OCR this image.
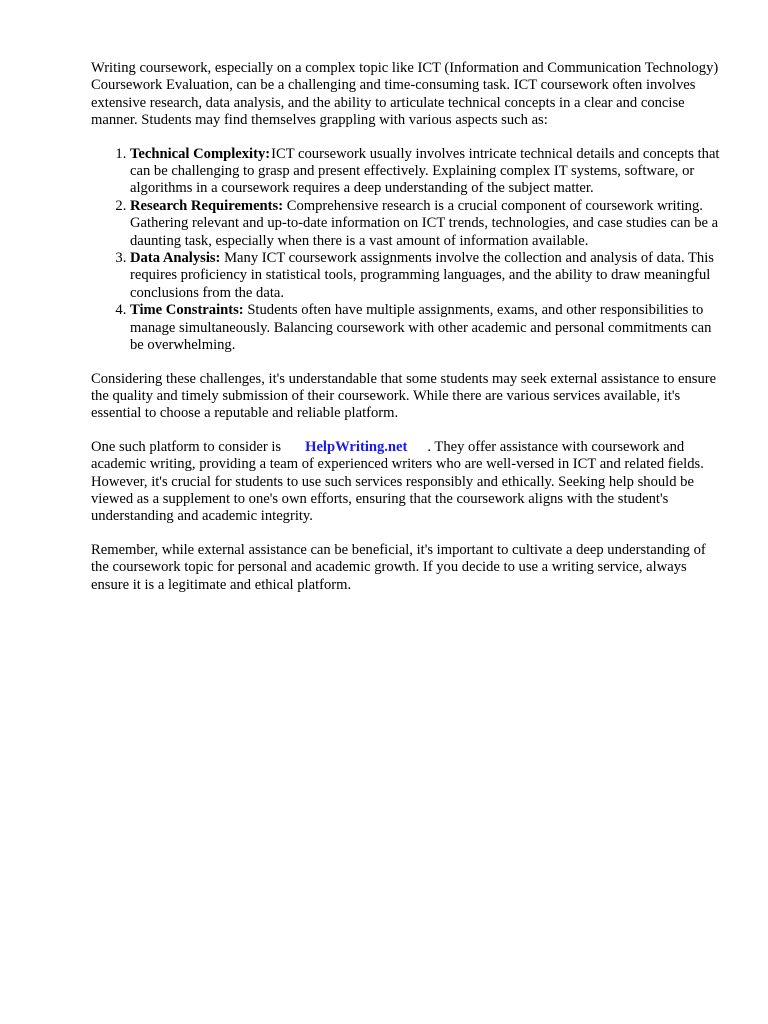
Writing coursework, especially on a complex topic like ICT (Information and Communication Technology) Coursework Evaluation, can be a challenging and time-consuming task. ICT coursework often involves extensive research, data analysis, and the ability to articulate technical concepts in a clear and concise manner. Students may find themselves grappling with various aspects such as:

1. Technical Complexity:ICT coursework usually involves intricate technical details and concepts that can be challenging to grasp and present effectively. Explaining complex IT systems, software, or algorithms in a coursework requires a deep understanding of the subject matter.
2. Research Requirements: Comprehensive research is a crucial component of coursework writing. Gathering relevant and up-to-date information on ICT trends, technologies, and case studies can be a daunting task, especially when there is a vast amount of information available.
3. Data Analysis: Many ICT coursework assignments involve the collection and analysis of data. This requires proficiency in statistical tools, programming languages, and the ability to draw meaningful conclusions from the data.
4. Time Constraints: Students often have multiple assignments, exams, and other responsibilities to manage simultaneously. Balancing coursework with other academic and personal commitments can be overwhelming.

Considering these challenges, it's understandable that some students may seek external assistance to ensure the quality and timely submission of their coursework. While there are various services available, it's essential to choose a reputable and reliable platform.

One such platform to consider is HelpWriting.net . They offer assistance with coursework and academic writing, providing a team of experienced writers who are well-versed in ICT and related fields. However, it's crucial for students to use such services responsibly and ethically. Seeking help should be viewed as a supplement to one's own efforts, ensuring that the coursework aligns with the student's understanding and academic integrity.

Remember, while external assistance can be beneficial, it's important to cultivate a deep understanding of the coursework topic for personal and academic growth. If you decide to use a writing service, always ensure it is a legitimate and ethical platform.
